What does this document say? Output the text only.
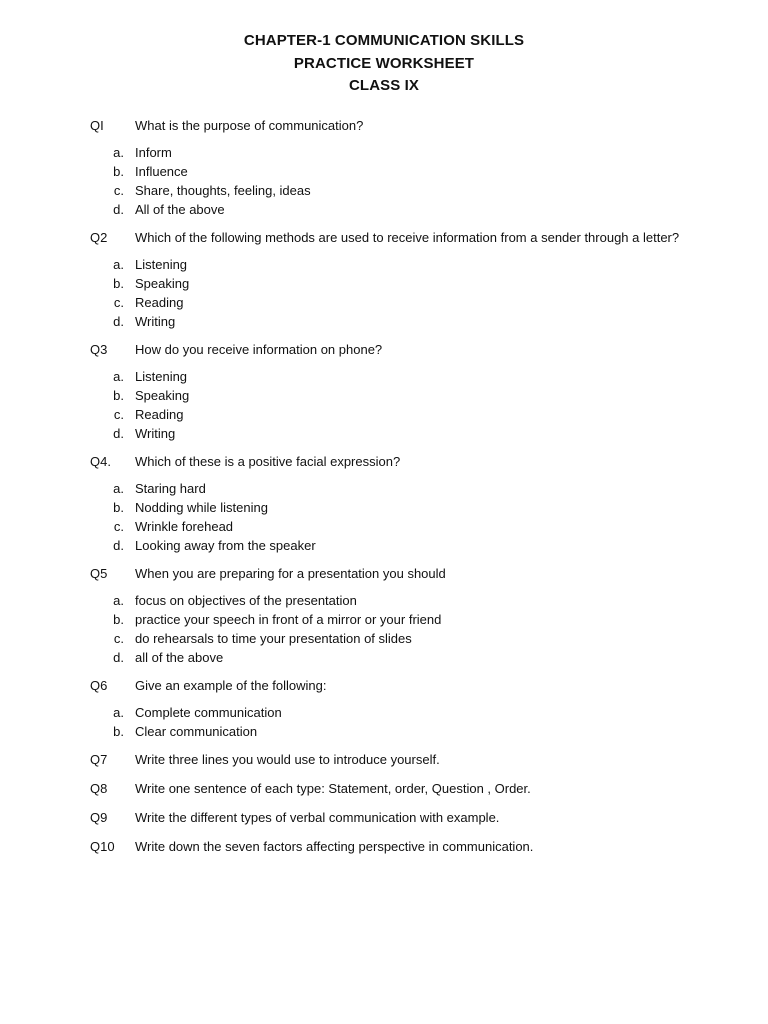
CHAPTER-1 COMMUNICATION SKILLS
PRACTICE WORKSHEET
CLASS IX
QI	What is the purpose of communication?
a. Inform
b. Influence
c. Share, thoughts, feeling, ideas
d. All of the above
Q2	Which of the following methods are used to receive information from a sender through a letter?
a. Listening
b. Speaking
c. Reading
d. Writing
Q3	How do you receive information on phone?
a. Listening
b. Speaking
c. Reading
d. Writing
Q4.	Which of these is a positive facial expression?
a. Staring hard
b. Nodding while listening
c. Wrinkle forehead
d. Looking away from the speaker
Q5	When you are preparing for a presentation you should
a. focus on objectives of the presentation
b. practice your speech in front of a mirror or your friend
c. do rehearsals to time your presentation of slides
d. all of the above
Q6	Give an example of the following:
a. Complete communication
b. Clear communication
Q7	Write three lines you would use to introduce yourself.
Q8	Write one sentence of each type: Statement, order, Question , Order.
Q9	Write the different types of verbal communication with example.
Q10	Write down the seven factors affecting perspective in communication.
